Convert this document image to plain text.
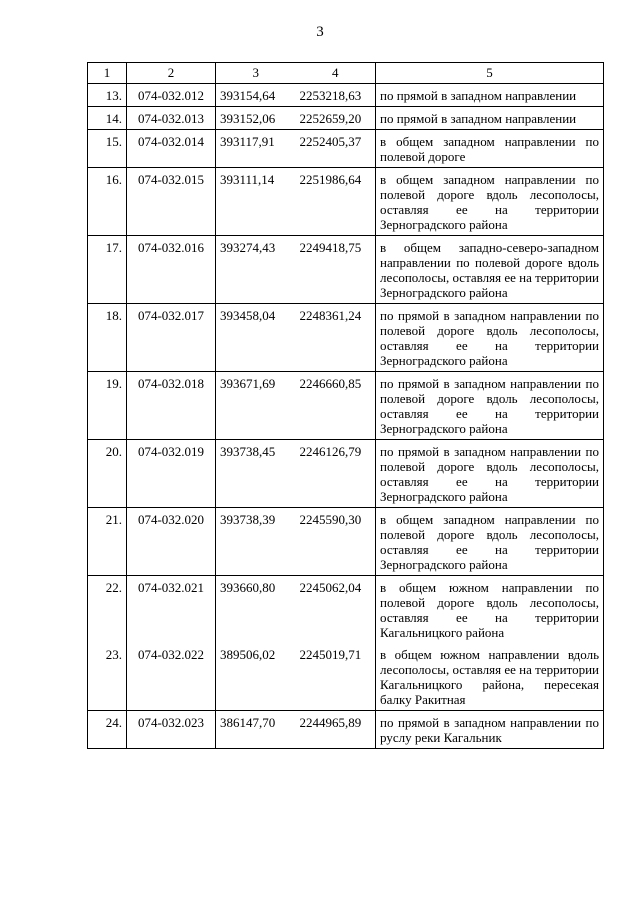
3
1	2	3	4	5
13.	074-032.012	393154,64	2253218,63	по прямой в западном направлении
14.	074-032.013	393152,06	2252659,20	по прямой в западном направлении
15.	074-032.014	393117,91	2252405,37	в общем западном направлении по полевой дороге
16.	074-032.015	393111,14	2251986,64	в общем западном направлении по полевой дороге вдоль лесополосы, оставляя ее на территории Зерноградского района
17.	074-032.016	393274,43	2249418,75	в общем западно-северо-западном направлении по полевой дороге вдоль лесополосы, оставляя ее на территории Зерноградского района
18.	074-032.017	393458,04	2248361,24	по прямой в западном направлении по полевой дороге вдоль лесополосы, оставляя ее на территории Зерноградского района
19.	074-032.018	393671,69	2246660,85	по прямой в западном направлении по полевой дороге вдоль лесополосы, оставляя ее на территории Зерноградского района
20.	074-032.019	393738,45	2246126,79	по прямой в западном направлении по полевой дороге вдоль лесополосы, оставляя ее на территории Зерноградского района
21.	074-032.020	393738,39	2245590,30	в общем западном направлении по полевой дороге вдоль лесополосы, оставляя ее на территории Зерноградского района
22.	074-032.021	393660,80	2245062,04	в общем южном направлении по полевой дороге вдоль лесополосы, оставляя ее на территории Кагальницкого района
23.	074-032.022	389506,02	2245019,71	в общем южном направлении вдоль лесополосы, оставляя ее на территории Кагальницкого района, пересекая балку Ракитная
24.	074-032.023	386147,70	2244965,89	по прямой в западном направлении по руслу реки Кагальник
